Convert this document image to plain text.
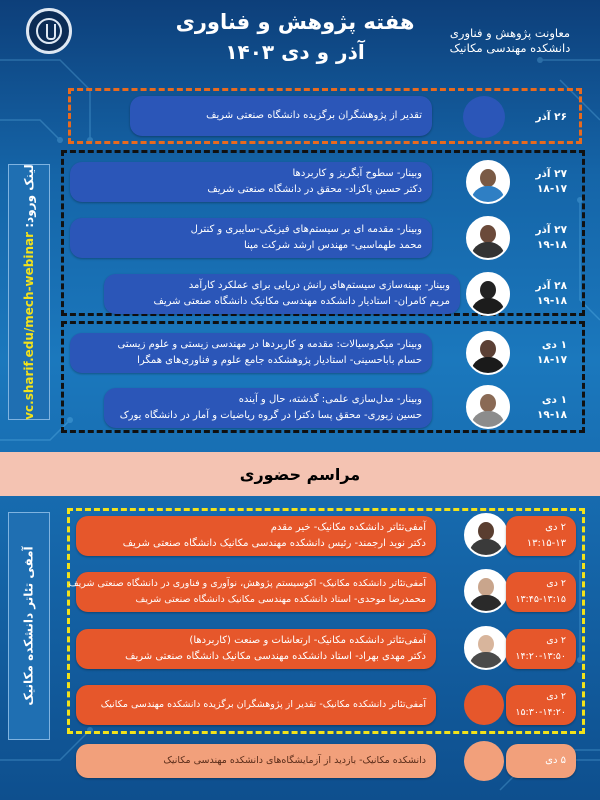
هفته پژوهش و فناوری
آذر و دی ۱۴۰۳
معاونت پژوهش و فناوری
دانشکده مهندسی مکانیک
لینک ورود: vc.sharif.edu/mech-webinar
آمفی تئاتر دانشکده مکانیک
تقدیر از پژوهشگران برگزیده دانشگاه صنعتی شریف	۲۶ آذر
وبینار- سطوح آبگریز و کاربردها
دکتر حسین پاکزاد- محقق در دانشگاه صنعتی شریف
۲۷ آذر
۱۸-۱۷
وبینار- مقدمه ای بر سیستم‌های فیزیکی-سایبری و کنترل
محمد طهماسبی- مهندس ارشد شرکت مپنا
۲۷ آذر
۱۹-۱۸
وبینار- بهینه‌سازی سیستم‌های رانش دریایی برای عملکرد کارآمد
مریم کامران- استادیار دانشکده مهندسی مکانیک دانشگاه صنعتی شریف
۲۸ آذر
۱۹-۱۸
وبینار- میکروسیالات: مقدمه و کاربردها در مهندسی زیستی و علوم زیستی
حسام باباحسینی- استادیار پژوهشکده جامع علوم و فناوری‌های همگرا
۱ دی
۱۸-۱۷
وبینار- مدل‌سازی علمی: گذشته، حال و آینده
حسین زیوری- محقق پسا دکترا در گروه ریاضیات و آمار در دانشگاه یورک
۱ دی
۱۹-۱۸
مراسم حضوری
آمفی‌تئاتر دانشکده مکانیک- خیر مقدم
دکتر نوید ارجمند- رئیس دانشکده مهندسی مکانیک دانشگاه صنعتی شریف
۲ دی
۱۳:۱۵-۱۳
آمفی‌تئاتر دانشکده مکانیک- اکوسیستم پژوهش، نوآوری و فناوری در دانشگاه صنعتی شریف
محمدرضا موحدی- استاد دانشکده مهندسی مکانیک دانشگاه صنعتی شریف
۲ دی
۱۳:۴۵-۱۳:۱۵
آمفی‌تئاتر دانشکده مکانیک- ارتعاشات و صنعت (کاربردها)
دکتر مهدی بهراد- استاد دانشکده مهندسی مکانیک دانشگاه صنعتی شریف
۲ دی
۱۴:۲۰-۱۳:۵۰
آمفی‌تئاتر دانشکده مکانیک- تقدیر از پژوهشگران برگزیده دانشکده مهندسی مکانیک
۲ دی
۱۵:۳۰-۱۴:۲۰
دانشکده مکانیک- بازدید از آزمایشگاه‌های دانشکده مهندسی مکانیک	۵ دی
